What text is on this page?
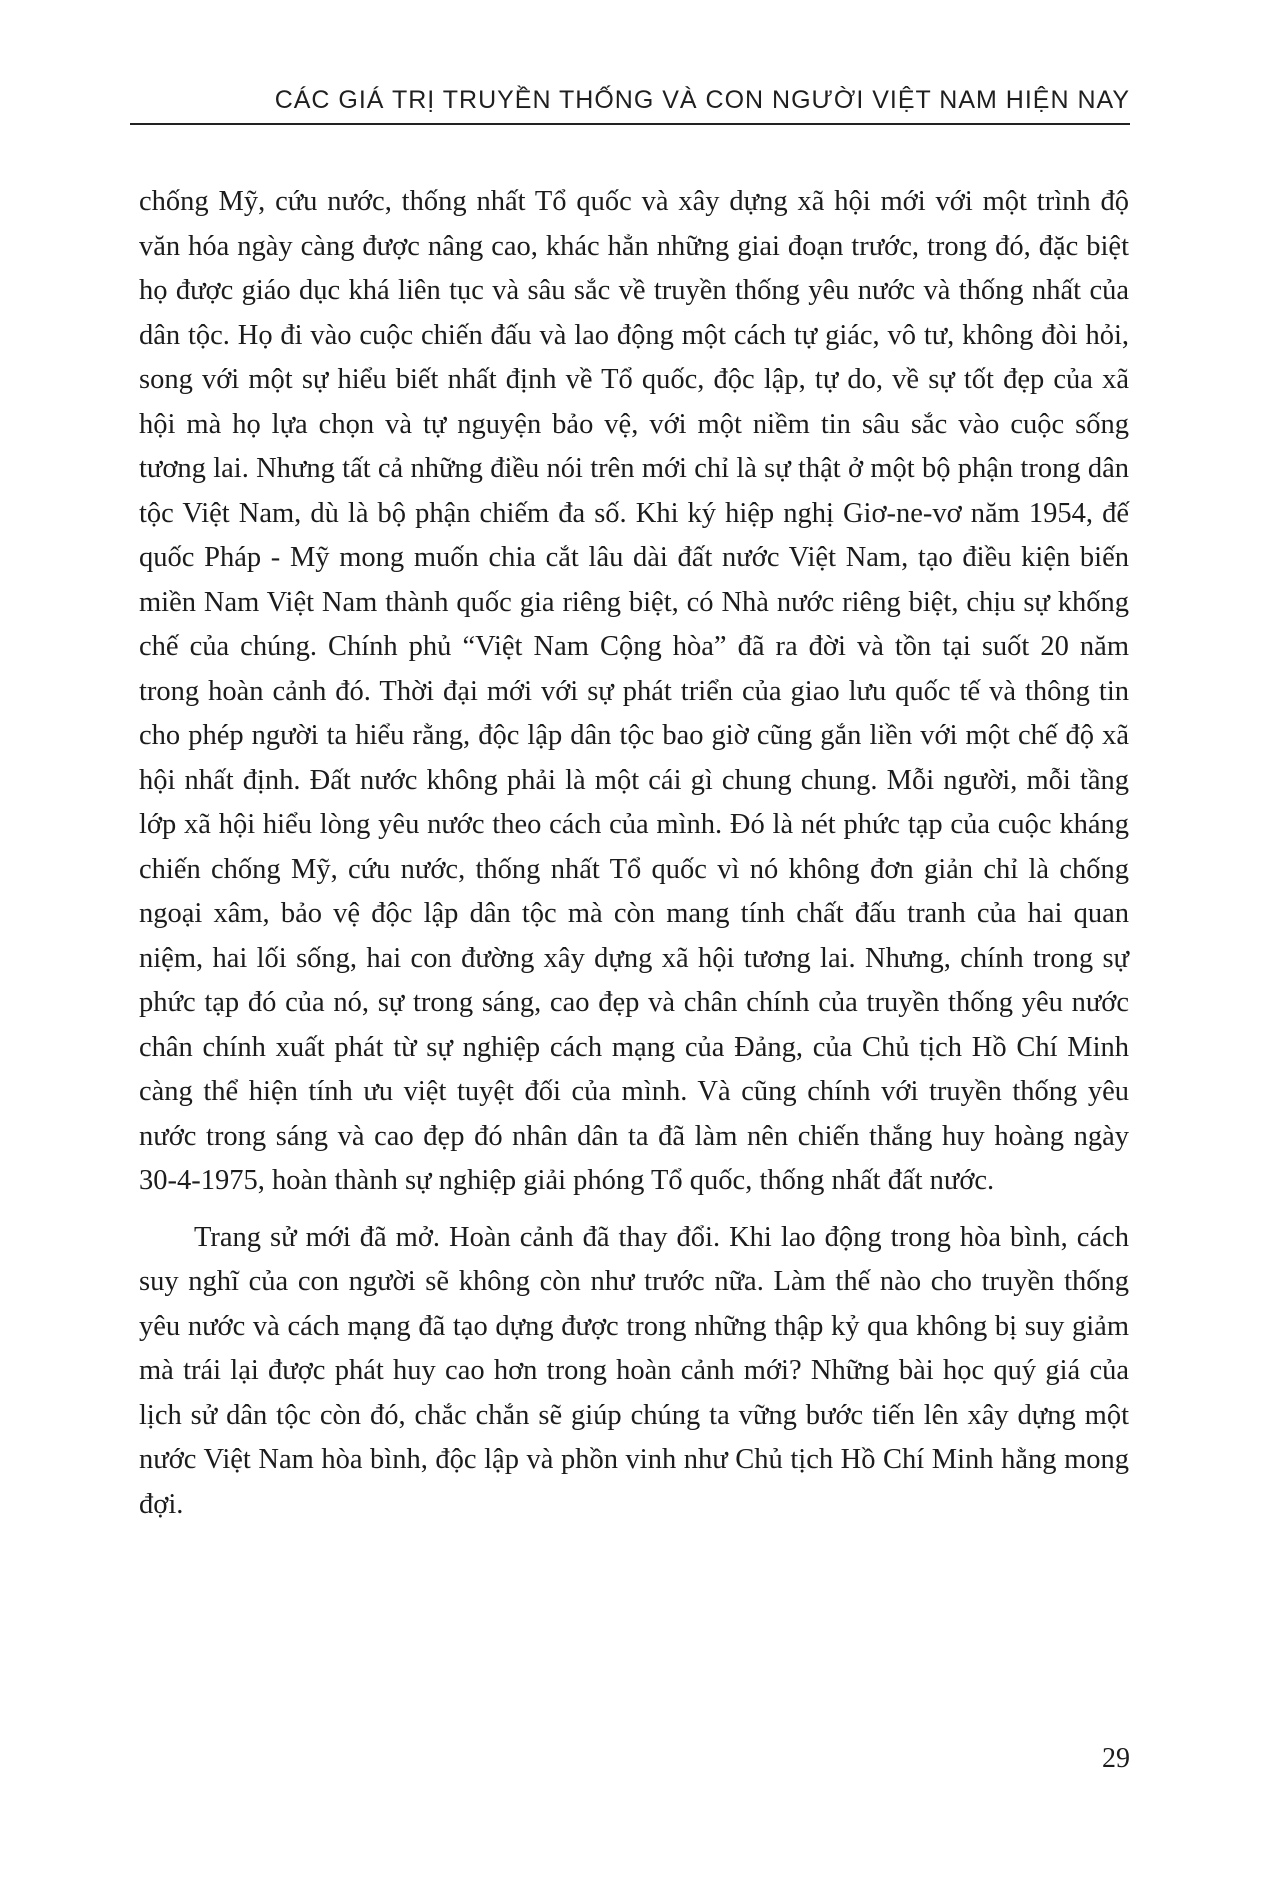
CÁC GIÁ TRỊ TRUYỀN THỐNG VÀ CON NGƯỜI VIỆT NAM HIỆN NAY

chống Mỹ, cứu nước, thống nhất Tổ quốc và xây dựng xã hội mới với một trình độ văn hóa ngày càng được nâng cao, khác hẳn những giai đoạn trước, trong đó, đặc biệt họ được giáo dục khá liên tục và sâu sắc về truyền thống yêu nước và thống nhất của dân tộc. Họ đi vào cuộc chiến đấu và lao động một cách tự giác, vô tư, không đòi hỏi, song với một sự hiểu biết nhất định về Tổ quốc, độc lập, tự do, về sự tốt đẹp của xã hội mà họ lựa chọn và tự nguyện bảo vệ, với một niềm tin sâu sắc vào cuộc sống tương lai. Nhưng tất cả những điều nói trên mới chỉ là sự thật ở một bộ phận trong dân tộc Việt Nam, dù là bộ phận chiếm đa số. Khi ký hiệp nghị Giơ-ne-vơ năm 1954, đế quốc Pháp - Mỹ mong muốn chia cắt lâu dài đất nước Việt Nam, tạo điều kiện biến miền Nam Việt Nam thành quốc gia riêng biệt, có Nhà nước riêng biệt, chịu sự khống chế của chúng. Chính phủ “Việt Nam Cộng hòa” đã ra đời và tồn tại suốt 20 năm trong hoàn cảnh đó. Thời đại mới với sự phát triển của giao lưu quốc tế và thông tin cho phép người ta hiểu rằng, độc lập dân tộc bao giờ cũng gắn liền với một chế độ xã hội nhất định. Đất nước không phải là một cái gì chung chung. Mỗi người, mỗi tầng lớp xã hội hiểu lòng yêu nước theo cách của mình. Đó là nét phức tạp của cuộc kháng chiến chống Mỹ, cứu nước, thống nhất Tổ quốc vì nó không đơn giản chỉ là chống ngoại xâm, bảo vệ độc lập dân tộc mà còn mang tính chất đấu tranh của hai quan niệm, hai lối sống, hai con đường xây dựng xã hội tương lai. Nhưng, chính trong sự phức tạp đó của nó, sự trong sáng, cao đẹp và chân chính của truyền thống yêu nước chân chính xuất phát từ sự nghiệp cách mạng của Đảng, của Chủ tịch Hồ Chí Minh càng thể hiện tính ưu việt tuyệt đối của mình. Và cũng chính với truyền thống yêu nước trong sáng và cao đẹp đó nhân dân ta đã làm nên chiến thắng huy hoàng ngày 30-4-1975, hoàn thành sự nghiệp giải phóng Tổ quốc, thống nhất đất nước.

Trang sử mới đã mở. Hoàn cảnh đã thay đổi. Khi lao động trong hòa bình, cách suy nghĩ của con người sẽ không còn như trước nữa. Làm thế nào cho truyền thống yêu nước và cách mạng đã tạo dựng được trong những thập kỷ qua không bị suy giảm mà trái lại được phát huy cao hơn trong hoàn cảnh mới? Những bài học quý giá của lịch sử dân tộc còn đó, chắc chắn sẽ giúp chúng ta vững bước tiến lên xây dựng một nước Việt Nam hòa bình, độc lập và phồn vinh như Chủ tịch Hồ Chí Minh hằng mong đợi.

29
